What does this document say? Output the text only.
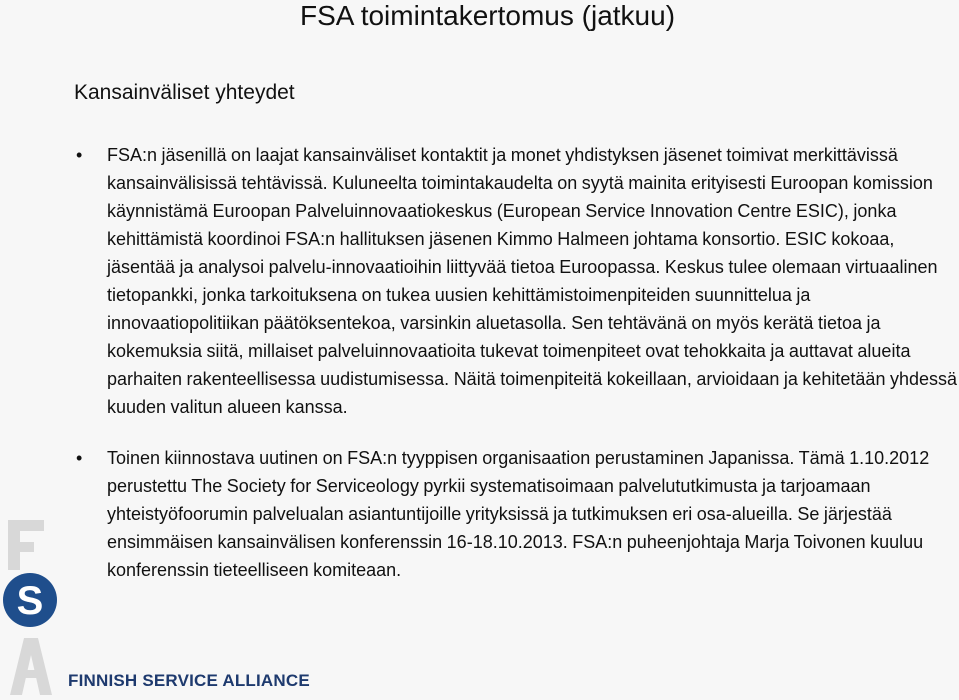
FSA toimintakertomus (jatkuu)
Kansainväliset yhteydet
• FSA:n jäsenillä on laajat kansainväliset kontaktit ja monet yhdistyksen jäsenet toimivat merkittävissä kansainvälisissä tehtävissä. Kuluneelta toimintakaudelta on syytä mainita erityisesti Euroopan komission käynnistämä Euroopan Palveluinnovaatiokeskus (European Service Innovation Centre ESIC), jonka kehittämistä koordinoi FSA:n hallituksen jäsenen Kimmo Halmeen johtama konsortio. ESIC kokoaa, jäsentää ja analysoi palvelu-innovaatioihin liittyvää tietoa Euroopassa. Keskus tulee olemaan virtuaalinen tietopankki, jonka tarkoituksena on tukea uusien kehittämistoimenpiteiden suunnittelua ja innovaatiopolitiikan päätöksentekoa, varsinkin aluetasolla. Sen tehtävänä on myös kerätä tietoa ja kokemuksia siitä, millaiset palveluinnovaatioita tukevat toimenpiteet ovat tehokkaita ja auttavat alueita parhaiten rakenteellisessa uudistumisessa. Näitä toimenpiteitä kokeillaan, arvioidaan ja kehitetään yhdessä kuuden valitun alueen kanssa.
• Toinen kiinnostava uutinen on FSA:n tyyppisen organisaation perustaminen Japanissa. Tämä 1.10.2012 perustettu The Society for Serviceology pyrkii systematisoimaan palvelututkimusta ja tarjoamaan yhteistyöfoorumin palvelualan asiantuntijoille yrityksissä ja tutkimuksen eri osa-alueilla. Se järjestää ensimmäisen kansainvälisen konferenssin 16-18.10.2013. FSA:n puheenjohtaja Marja Toivonen kuuluu konferenssin tieteelliseen komiteaan.
S
FINNISH SERVICE ALLIANCE
